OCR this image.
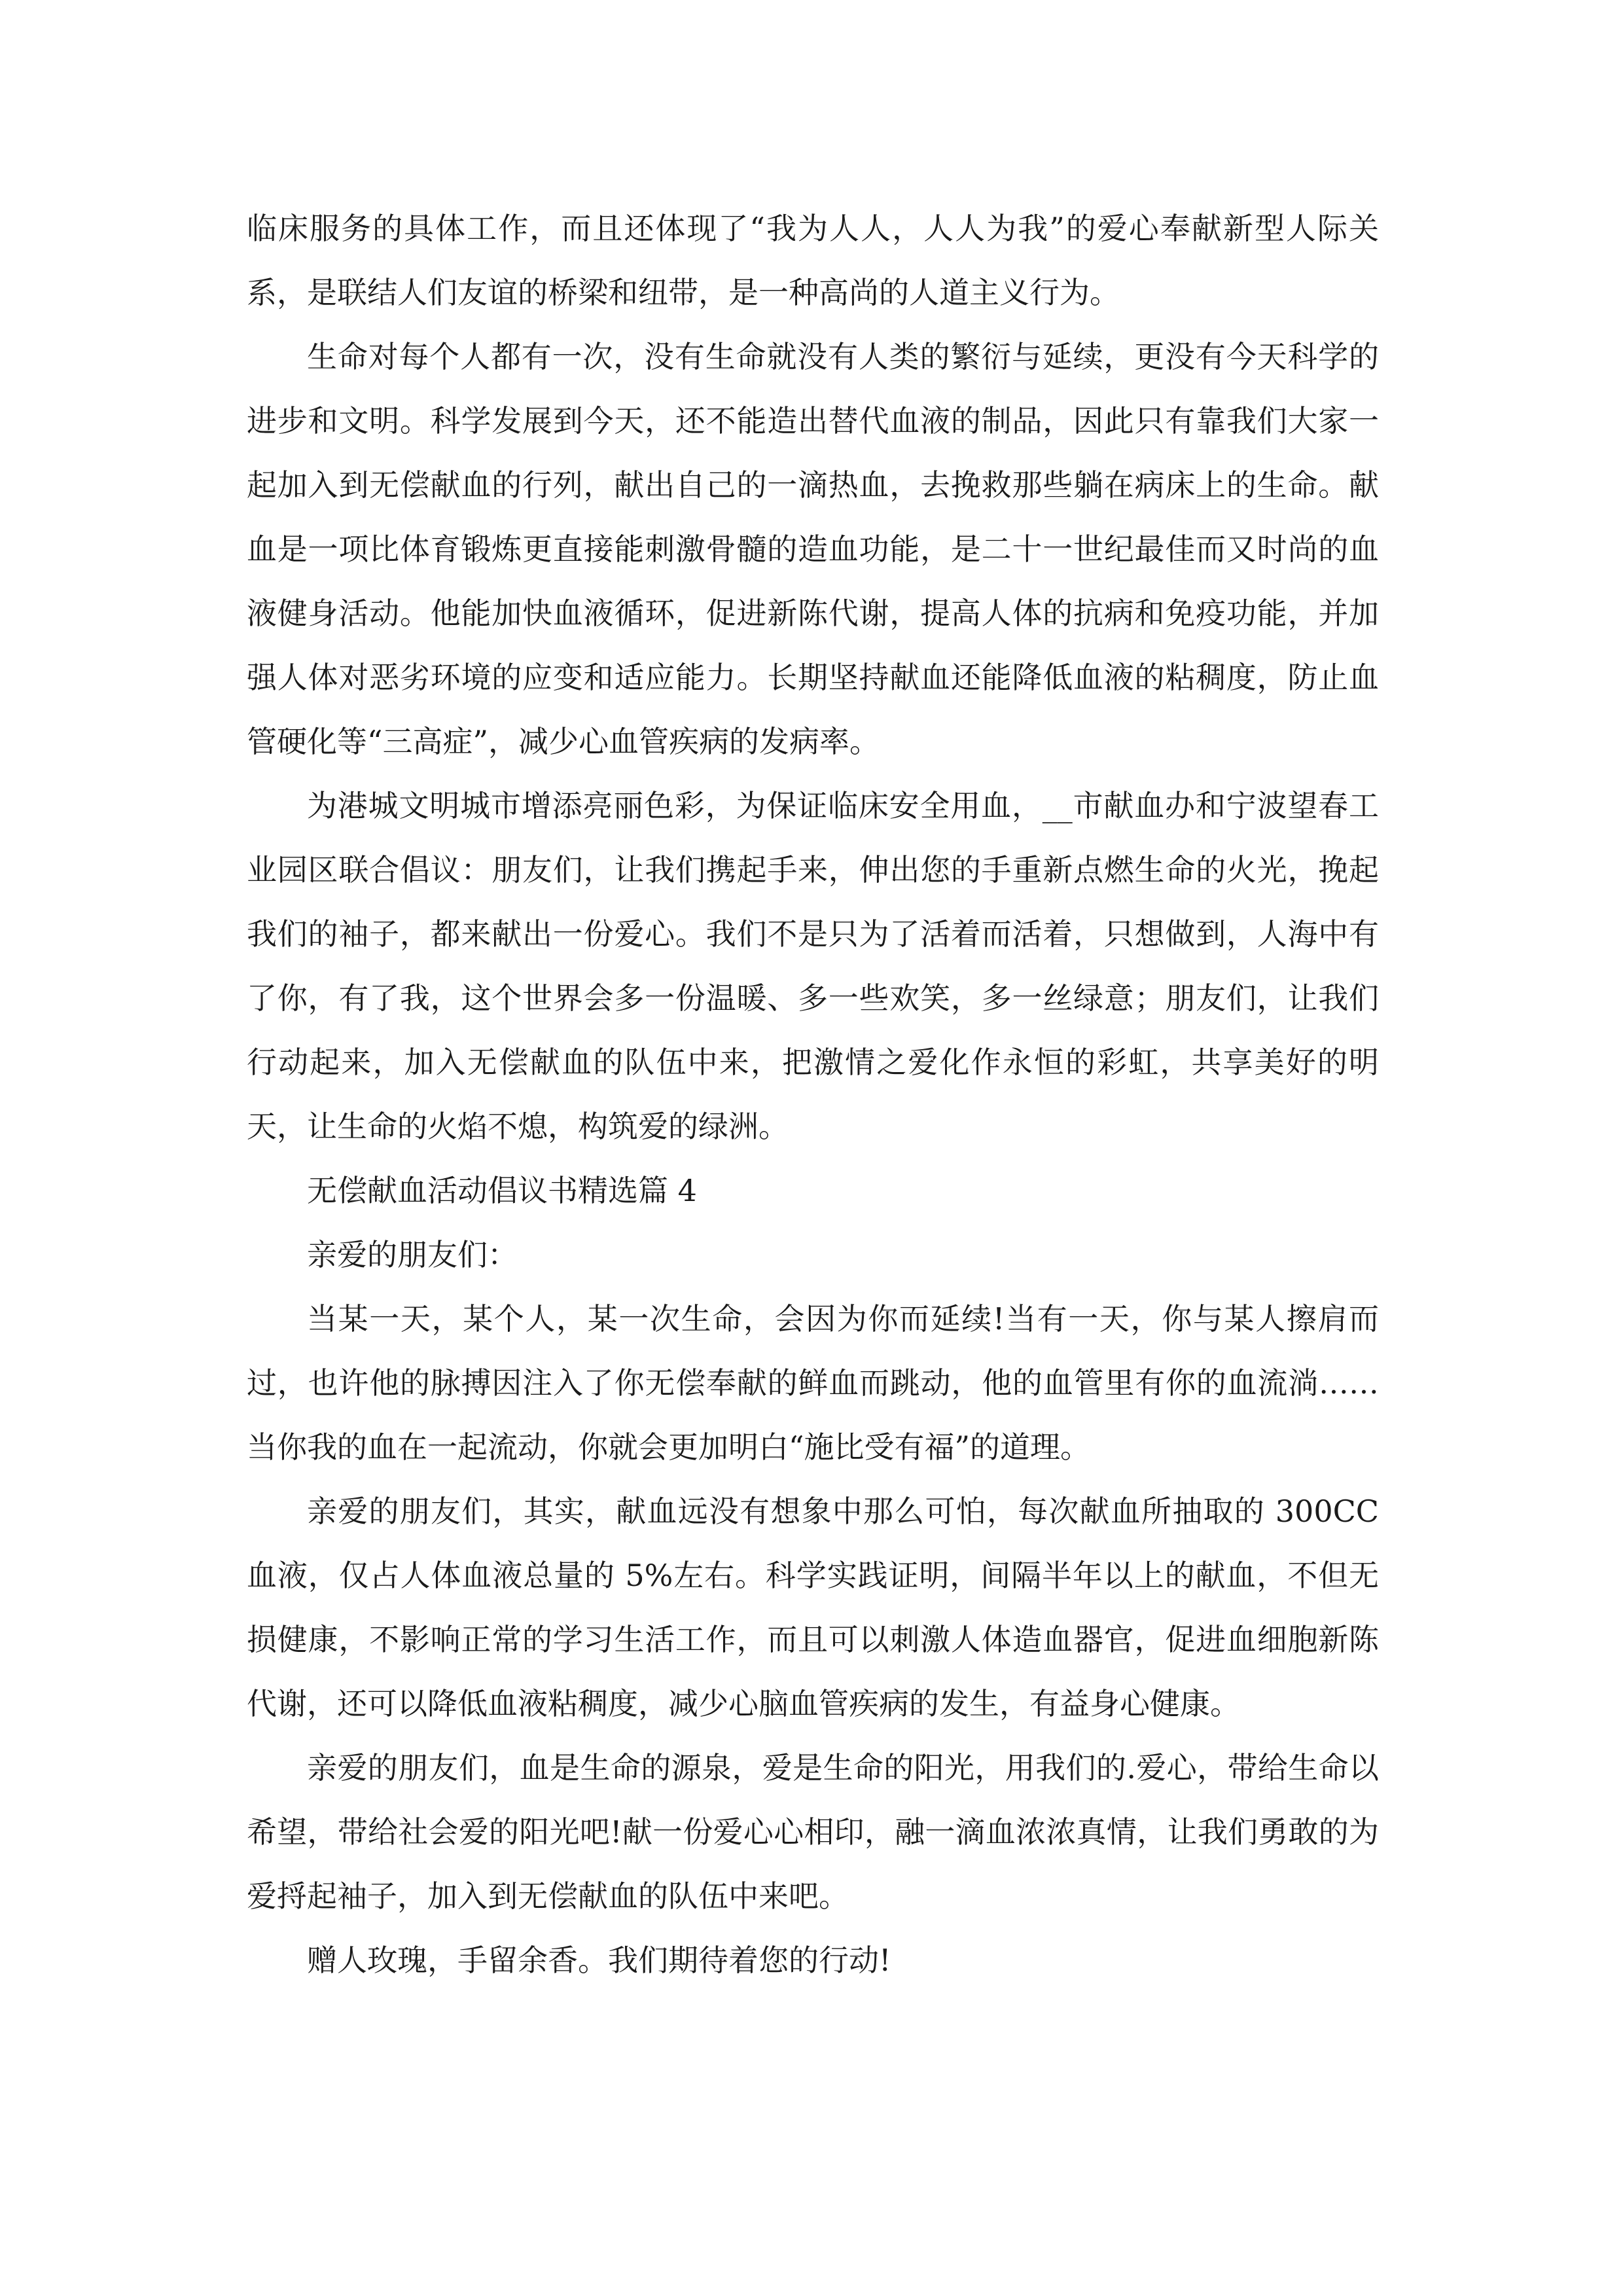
临床服务的具体工作，而且还体现了“我为人人，人人为我”的爱心奉献新型人际关系，是联结人们友谊的桥梁和纽带，是一种高尚的人道主义行为。

生命对每个人都有一次，没有生命就没有人类的繁衍与延续，更没有今天科学的进步和文明。科学发展到今天，还不能造出替代血液的制品，因此只有靠我们大家一起加入到无偿献血的行列，献出自己的一滴热血，去挽救那些躺在病床上的生命。献血是一项比体育锻炼更直接能刺激骨髓的造血功能，是二十一世纪最佳而又时尚的血液健身活动。他能加快血液循环，促进新陈代谢，提高人体的抗病和免疫功能，并加强人体对恶劣环境的应变和适应能力。长期坚持献血还能降低血液的粘稠度，防止血管硬化等“三高症”，减少心血管疾病的发病率。

为港城文明城市增添亮丽色彩，为保证临床安全用血，__市献血办和宁波望春工业园区联合倡议：朋友们，让我们携起手来，伸出您的手重新点燃生命的火光，挽起我们的袖子，都来献出一份爱心。我们不是只为了活着而活着，只想做到，人海中有了你，有了我，这个世界会多一份温暖、多一些欢笑，多一丝绿意；朋友们，让我们行动起来，加入无偿献血的队伍中来，把激情之爱化作永恒的彩虹，共享美好的明天，让生命的火焰不熄，构筑爱的绿洲。

无偿献血活动倡议书精选篇 4

亲爱的朋友们：

当某一天，某个人，某一次生命，会因为你而延续!当有一天，你与某人擦肩而过，也许他的脉搏因注入了你无偿奉献的鲜血而跳动，他的血管里有你的血流淌……当你我的血在一起流动，你就会更加明白“施比受有福”的道理。

亲爱的朋友们，其实，献血远没有想象中那么可怕，每次献血所抽取的 300CC 血液，仅占人体血液总量的 5%左右。科学实践证明，间隔半年以上的献血，不但无损健康，不影响正常的学习生活工作，而且可以刺激人体造血器官，促进血细胞新陈代谢，还可以降低血液粘稠度，减少心脑血管疾病的发生，有益身心健康。

亲爱的朋友们，血是生命的源泉，爱是生命的阳光，用我们的.爱心，带给生命以希望，带给社会爱的阳光吧!献一份爱心心相印，融一滴血浓浓真情，让我们勇敢的为爱捋起袖子，加入到无偿献血的队伍中来吧。

赠人玫瑰，手留余香。我们期待着您的行动!
